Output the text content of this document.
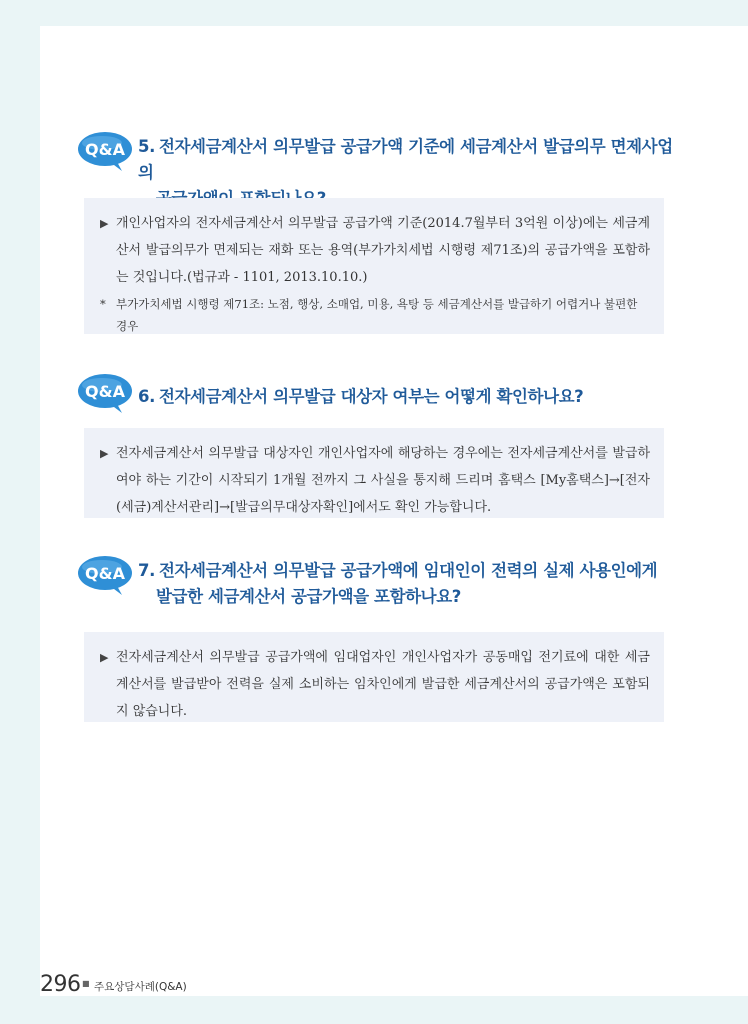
Q&A 5. 전자세금계산서 의무발급 공급가액 기준에 세금계산서 발급의무 면제사업의
▶ 개인사업자의 전자세금계산서 의무발급 공급가액 기준(2014.7월부터 3억원 이상)에는 세금계산서 발급의무가 면제되는 재화 또는 용역(부가가치세법 시행령 제71조)의 공급가액을 포함하는 것입니다.(법규과 - 1101, 2013.10.10.)
* 부가가치세법 시행령 제71조: 노점, 행상, 소매업, 미용, 욕탕 등 세금계산서를 발급하기 어렵거나 불편한 경우
Q&A 6. 전자세금계산서 의무발급 대상자 여부는 어떻게 확인하나요?
▶ 전자세금계산서 의무발급 대상자인 개인사업자에 해당하는 경우에는 전자세금계산서를 발급하여야 하는 기간이 시작되기 1개월 전까지 그 사실을 통지해 드리며 홈택스 [My홈택스]→[전자(세금)계산서관리]→[발급의무대상자확인]에서도 확인 가능합니다.
Q&A 7. 전자세금계산서 의무발급 공급가액에 임대인이 전력의 실제 사용인에게
발급한 세금계산서 공급가액을 포함하나요?
▶ 전자세금계산서 의무발급 공급가액에 임대업자인 개인사업자가 공동매입 전기료에 대한 세금계산서를 발급받아 전력을 실제 소비하는 임차인에게 발급한 세금계산서의 공급가액은 포함되지 않습니다.
296 ■ 주요상담사례(Q&A)
